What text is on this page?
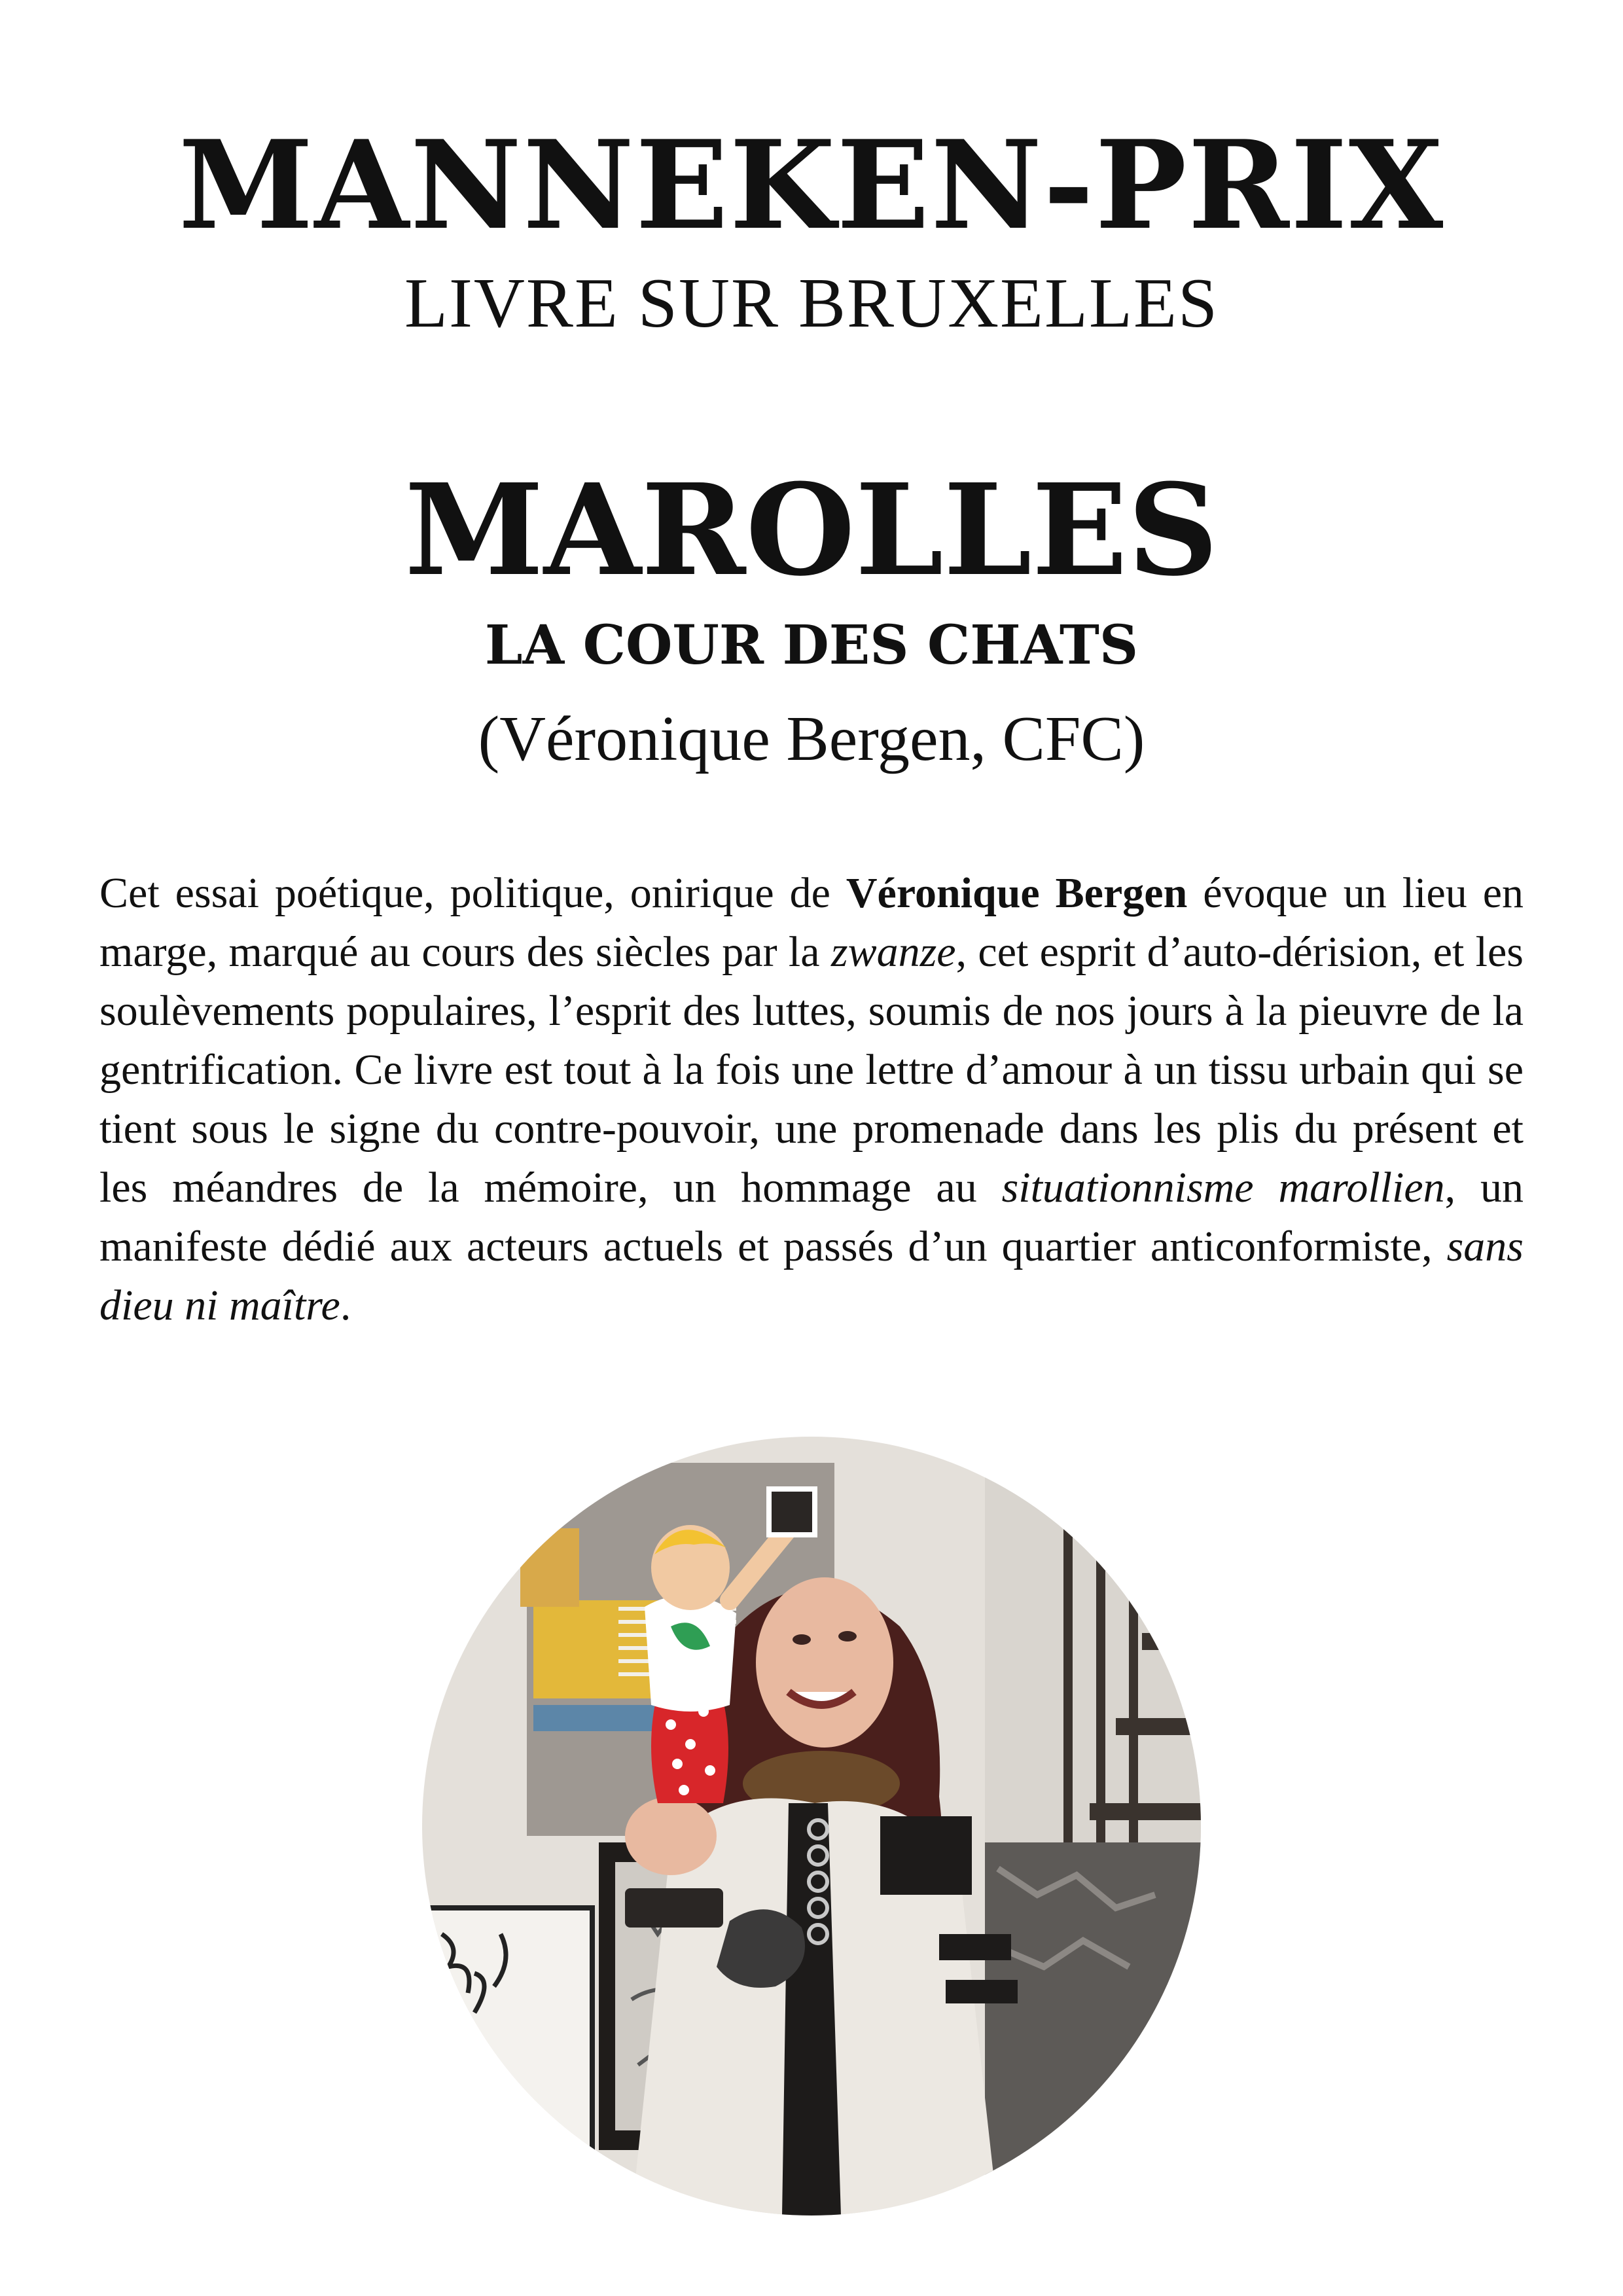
MANNEKEN-PRIX
LIVRE SUR BRUXELLES
MAROLLES
LA COUR DES CHATS
(Véronique Bergen, CFC)

Cet essai poétique, politique, onirique de Véronique Bergen évoque un lieu en marge, marqué au cours des siècles par la zwanze, cet esprit d’auto-dérision, et les soulèvements populaires, l’esprit des luttes, soumis de nos jours à la pieuvre de la gentrification. Ce livre est tout à la fois une lettre d’amour à un tissu urbain qui se tient sous le signe du contre-pouvoir, une promenade dans les plis du présent et les méandres de la mémoire, un hommage au situationnisme marollien, un manifeste dédié aux acteurs actuels et passés d’un quartier anticonformiste, sans dieu ni maître.
